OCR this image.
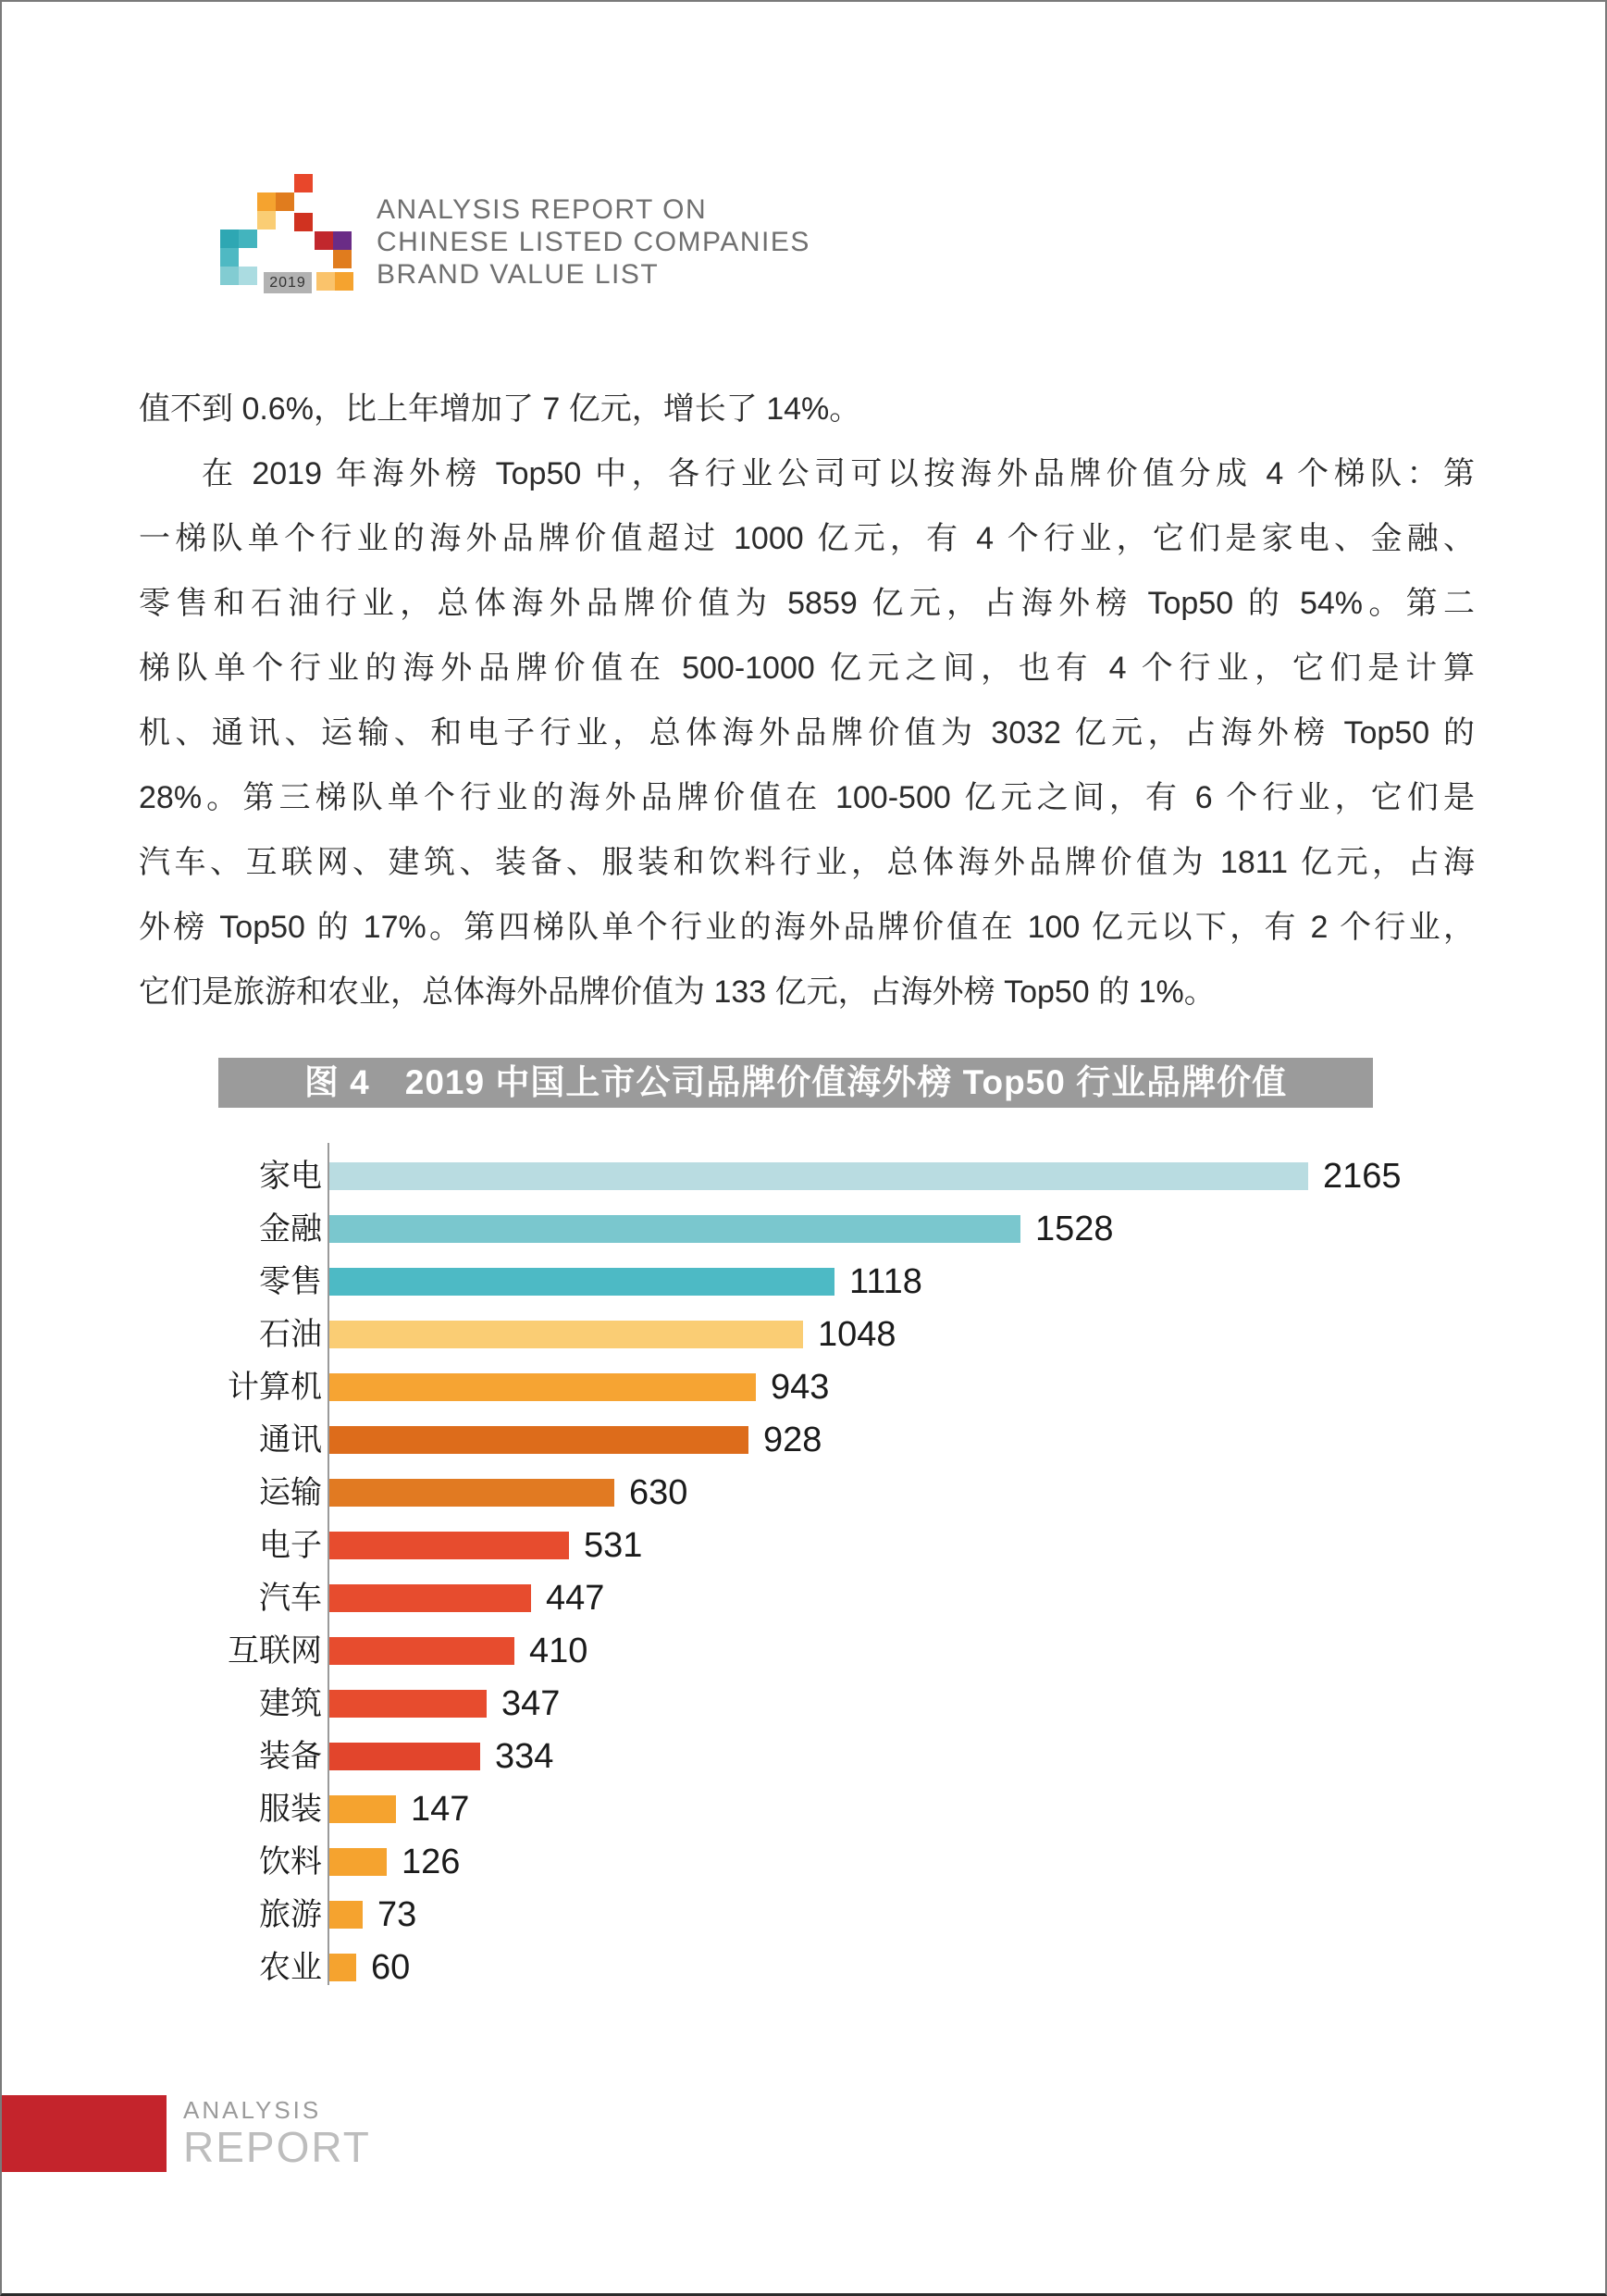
2019
ANALYSIS REPORT ON
CHINESE LISTED COMPANIES
BRAND VALUE LIST
值不到 0.6%，比上年增加了 7 亿元，增长了 14%。
在 2019 年海外榜 Top50 中，各行业公司可以按海外品牌价值分成 4 个梯队：第
一梯队单个行业的海外品牌价值超过 1000 亿元，有 4 个行业，它们是家电、金融、
零售和石油行业，总体海外品牌价值为 5859 亿元，占海外榜 Top50 的 54%。第二
梯队单个行业的海外品牌价值在 500-1000 亿元之间，也有 4 个行业，它们是计算
机、通讯、运输、和电子行业，总体海外品牌价值为 3032 亿元，占海外榜 Top50 的
28%。第三梯队单个行业的海外品牌价值在 100-500 亿元之间，有 6 个行业，它们是
汽车、互联网、建筑、装备、服装和饮料行业，总体海外品牌价值为 1811 亿元，占海
外榜 Top50 的 17%。第四梯队单个行业的海外品牌价值在 100 亿元以下，有 2 个行业，
它们是旅游和农业，总体海外品牌价值为 133 亿元，占海外榜 Top50 的 1%。
图 4　2019 中国上市公司品牌价值海外榜 Top50 行业品牌价值
家电	2165
金融	1528
零售	1118
石油	1048
计算机	943
通讯	928
运输	630
电子	531
汽车	447
互联网	410
建筑	347
装备	334
服装	147
饮料 126
旅游 73
农业 60
ANALYSIS
REPORT
